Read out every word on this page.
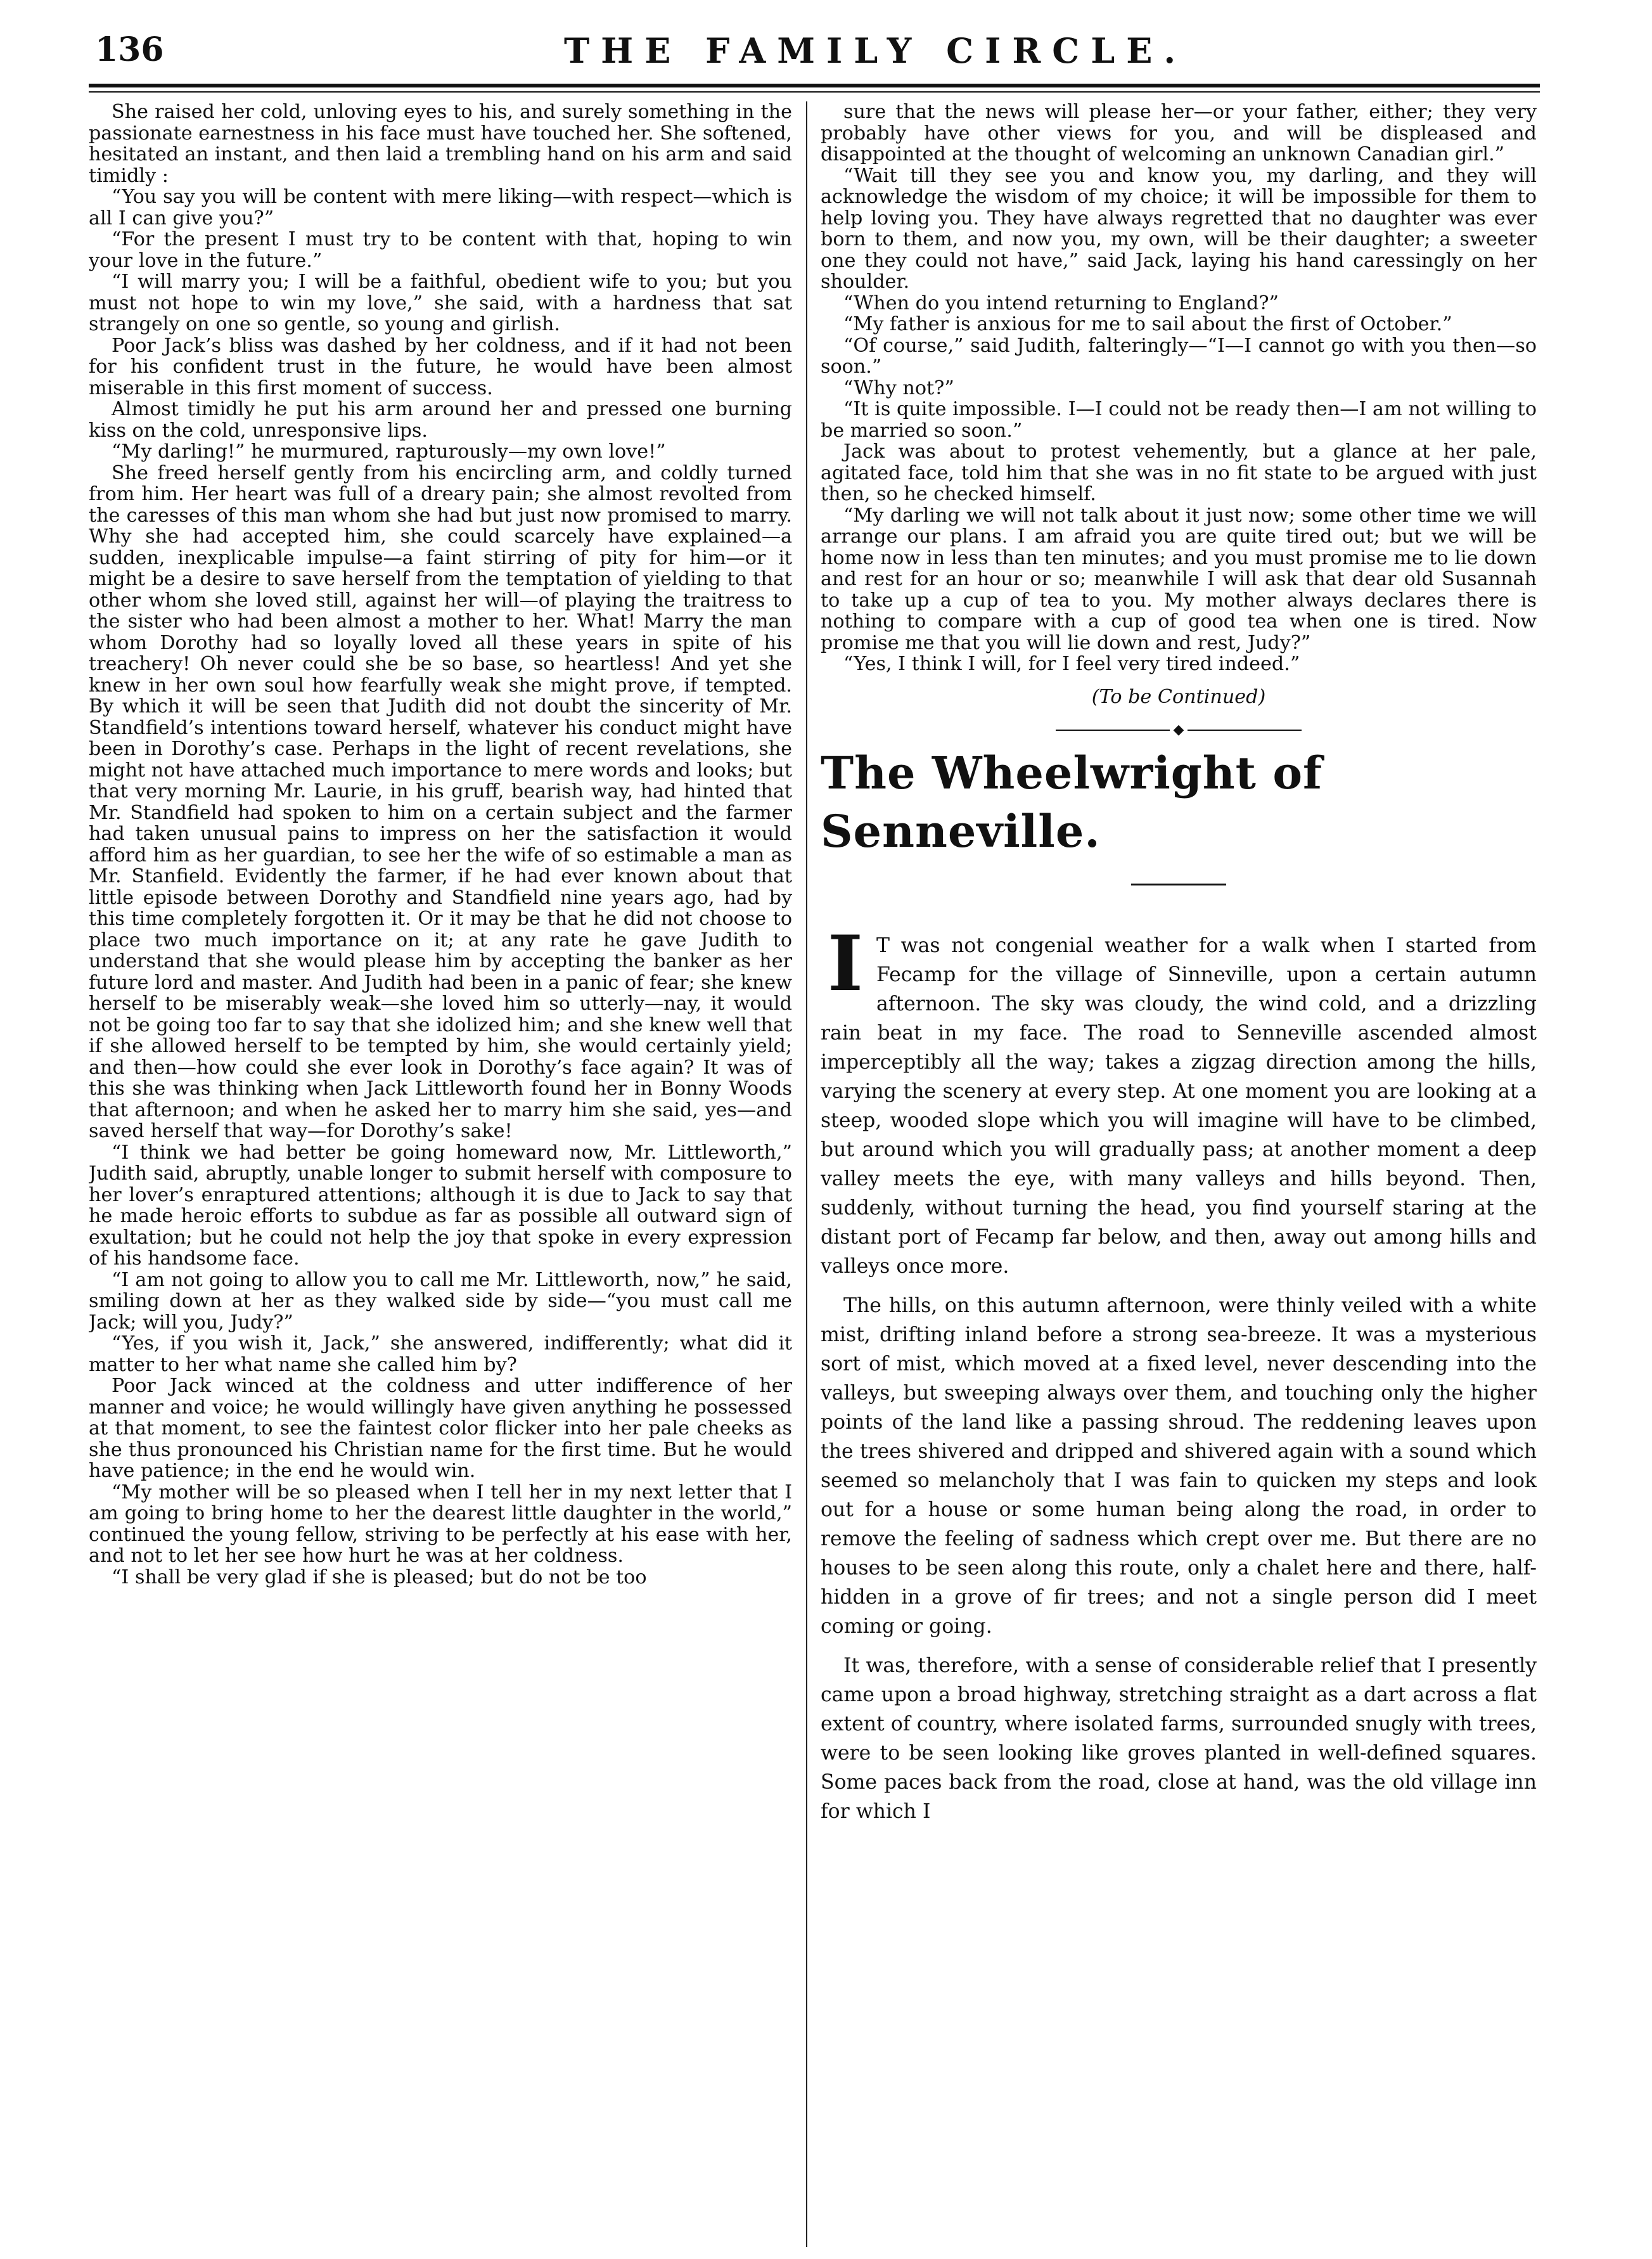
136	THE FAMILY CIRCLE.

She raised her cold, unloving eyes to his, and surely something in the passionate earnestness in his face must have touched her. She softened, hesitated an instant, and then laid a trembling hand on his arm and said timidly :

“You say you will be content with mere liking—with respect—which is all I can give you?”

“For the present I must try to be content with that, hoping to win your love in the future.”

“I will marry you; I will be a faithful, obedient wife to you; but you must not hope to win my love,” she said, with a hardness that sat strangely on one so gentle, so young and girlish.

Poor Jack’s bliss was dashed by her coldness, and if it had not been for his confident trust in the future, he would have been almost miserable in this first moment of success.

Almost timidly he put his arm around her and pressed one burning kiss on the cold, unresponsive lips.

“My darling!” he murmured, rapturously—my own love!”

She freed herself gently from his encircling arm, and coldly turned from him. Her heart was full of a dreary pain; she almost revolted from the caresses of this man whom she had but just now promised to marry. Why she had accepted him, she could scarcely have explained—a sudden, inexplicable impulse—a faint stirring of pity for him—or it might be a desire to save herself from the temptation of yielding to that other whom she loved still, against her will—of playing the traitress to the sister who had been almost a mother to her. What! Marry the man whom Dorothy had so loyally loved all these years in spite of his treachery! Oh never could she be so base, so heartless! And yet she knew in her own soul how fearfully weak she might prove, if tempted. By which it will be seen that Judith did not doubt the sincerity of Mr. Standfield’s intentions toward herself, whatever his conduct might have been in Dorothy’s case. Perhaps in the light of recent revelations, she might not have attached much importance to mere words and looks; but that very morning Mr. Laurie, in his gruff, bearish way, had hinted that Mr. Standfield had spoken to him on a certain subject and the farmer had taken unusual pains to impress on her the satisfaction it would afford him as her guardian, to see her the wife of so estimable a man as Mr. Stanfield. Evidently the farmer, if he had ever known about that little episode between Dorothy and Standfield nine years ago, had by this time completely forgotten it. Or it may be that he did not choose to place two much importance on it; at any rate he gave Judith to understand that she would please him by accepting the banker as her future lord and master. And Judith had been in a panic of fear; she knew herself to be miserably weak—she loved him so utterly—nay, it would not be going too far to say that she idolized him; and she knew well that if she allowed herself to be tempted by him, she would certainly yield; and then—how could she ever look in Dorothy’s face again? It was of this she was thinking when Jack Littleworth found her in Bonny Woods that afternoon; and when he asked her to marry him she said, yes—and saved herself that way—for Dorothy’s sake!

“I think we had better be going homeward now, Mr. Littleworth,” Judith said, abruptly, unable longer to submit herself with composure to her lover’s enraptured attentions; although it is due to Jack to say that he made heroic efforts to subdue as far as possible all outward sign of exultation; but he could not help the joy that spoke in every expression of his handsome face.

“I am not going to allow you to call me Mr. Littleworth, now,” he said, smiling down at her as they walked side by side—“you must call me Jack; will you, Judy?”

“Yes, if you wish it, Jack,” she answered, indifferently; what did it matter to her what name she called him by?

Poor Jack winced at the coldness and utter indifference of her manner and voice; he would willingly have given anything he possessed at that moment, to see the faintest color flicker into her pale cheeks as she thus pronounced his Christian name for the first time. But he would have patience; in the end he would win.

“My mother will be so pleased when I tell her in my next letter that I am going to bring home to her the dearest little daughter in the world,” continued the young fellow, striving to be perfectly at his ease with her, and not to let her see how hurt he was at her coldness.

“I shall be very glad if she is pleased; but do not be too

sure that the news will please her—or your father, either; they very probably have other views for you, and will be displeased and disappointed at the thought of welcoming an unknown Canadian girl.”

“Wait till they see you and know you, my darling, and they will acknowledge the wisdom of my choice; it will be impossible for them to help loving you. They have always regretted that no daughter was ever born to them, and now you, my own, will be their daughter; a sweeter one they could not have,” said Jack, laying his hand caressingly on her shoulder.

“When do you intend returning to England?”

“My father is anxious for me to sail about the first of October.”

“Of course,” said Judith, falteringly—“I—I cannot go with you then—so soon.”

“Why not?”

“It is quite impossible. I—I could not be ready then—I am not willing to be married so soon.”

Jack was about to protest vehemently, but a glance at her pale, agitated face, told him that she was in no fit state to be argued with just then, so he checked himself.

“My darling we will not talk about it just now; some other time we will arrange our plans. I am afraid you are quite tired out; but we will be home now in less than ten minutes; and you must promise me to lie down and rest for an hour or so; meanwhile I will ask that dear old Susannah to take up a cup of tea to you. My mother always declares there is nothing to compare with a cup of good tea when one is tired. Now promise me that you will lie down and rest, Judy?”

“Yes, I think I will, for I feel very tired indeed.”

(To be Continued)

◆
The Wheelwright of Senneville.

I T was not congenial weather for a walk when I started from Fecamp for the village of Sinneville, upon a certain autumn afternoon. The sky was cloudy, the wind cold, and a drizzling rain beat in my face. The road to Senneville ascended almost imperceptibly all the way; takes a zigzag direction among the hills, varying the scenery at every step. At one moment you are looking at a steep, wooded slope which you will imagine will have to be climbed, but around which you will gradually pass; at another moment a deep valley meets the eye, with many valleys and hills beyond. Then, suddenly, without turning the head, you find yourself staring at the distant port of Fecamp far below, and then, away out among hills and valleys once more.

The hills, on this autumn afternoon, were thinly veiled with a white mist, drifting inland before a strong sea-breeze. It was a mysterious sort of mist, which moved at a fixed level, never descending into the valleys, but sweeping always over them, and touching only the higher points of the land like a passing shroud. The reddening leaves upon the trees shivered and dripped and shivered again with a sound which seemed so melancholy that I was fain to quicken my steps and look out for a house or some human being along the road, in order to remove the feeling of sadness which crept over me. But there are no houses to be seen along this route, only a chalet here and there, half-hidden in a grove of fir trees; and not a single person did I meet coming or going.

It was, therefore, with a sense of considerable relief that I presently came upon a broad highway, stretching straight as a dart across a flat extent of country, where isolated farms, surrounded snugly with trees, were to be seen looking like groves planted in well-defined squares. Some paces back from the road, close at hand, was the old village inn for which I
